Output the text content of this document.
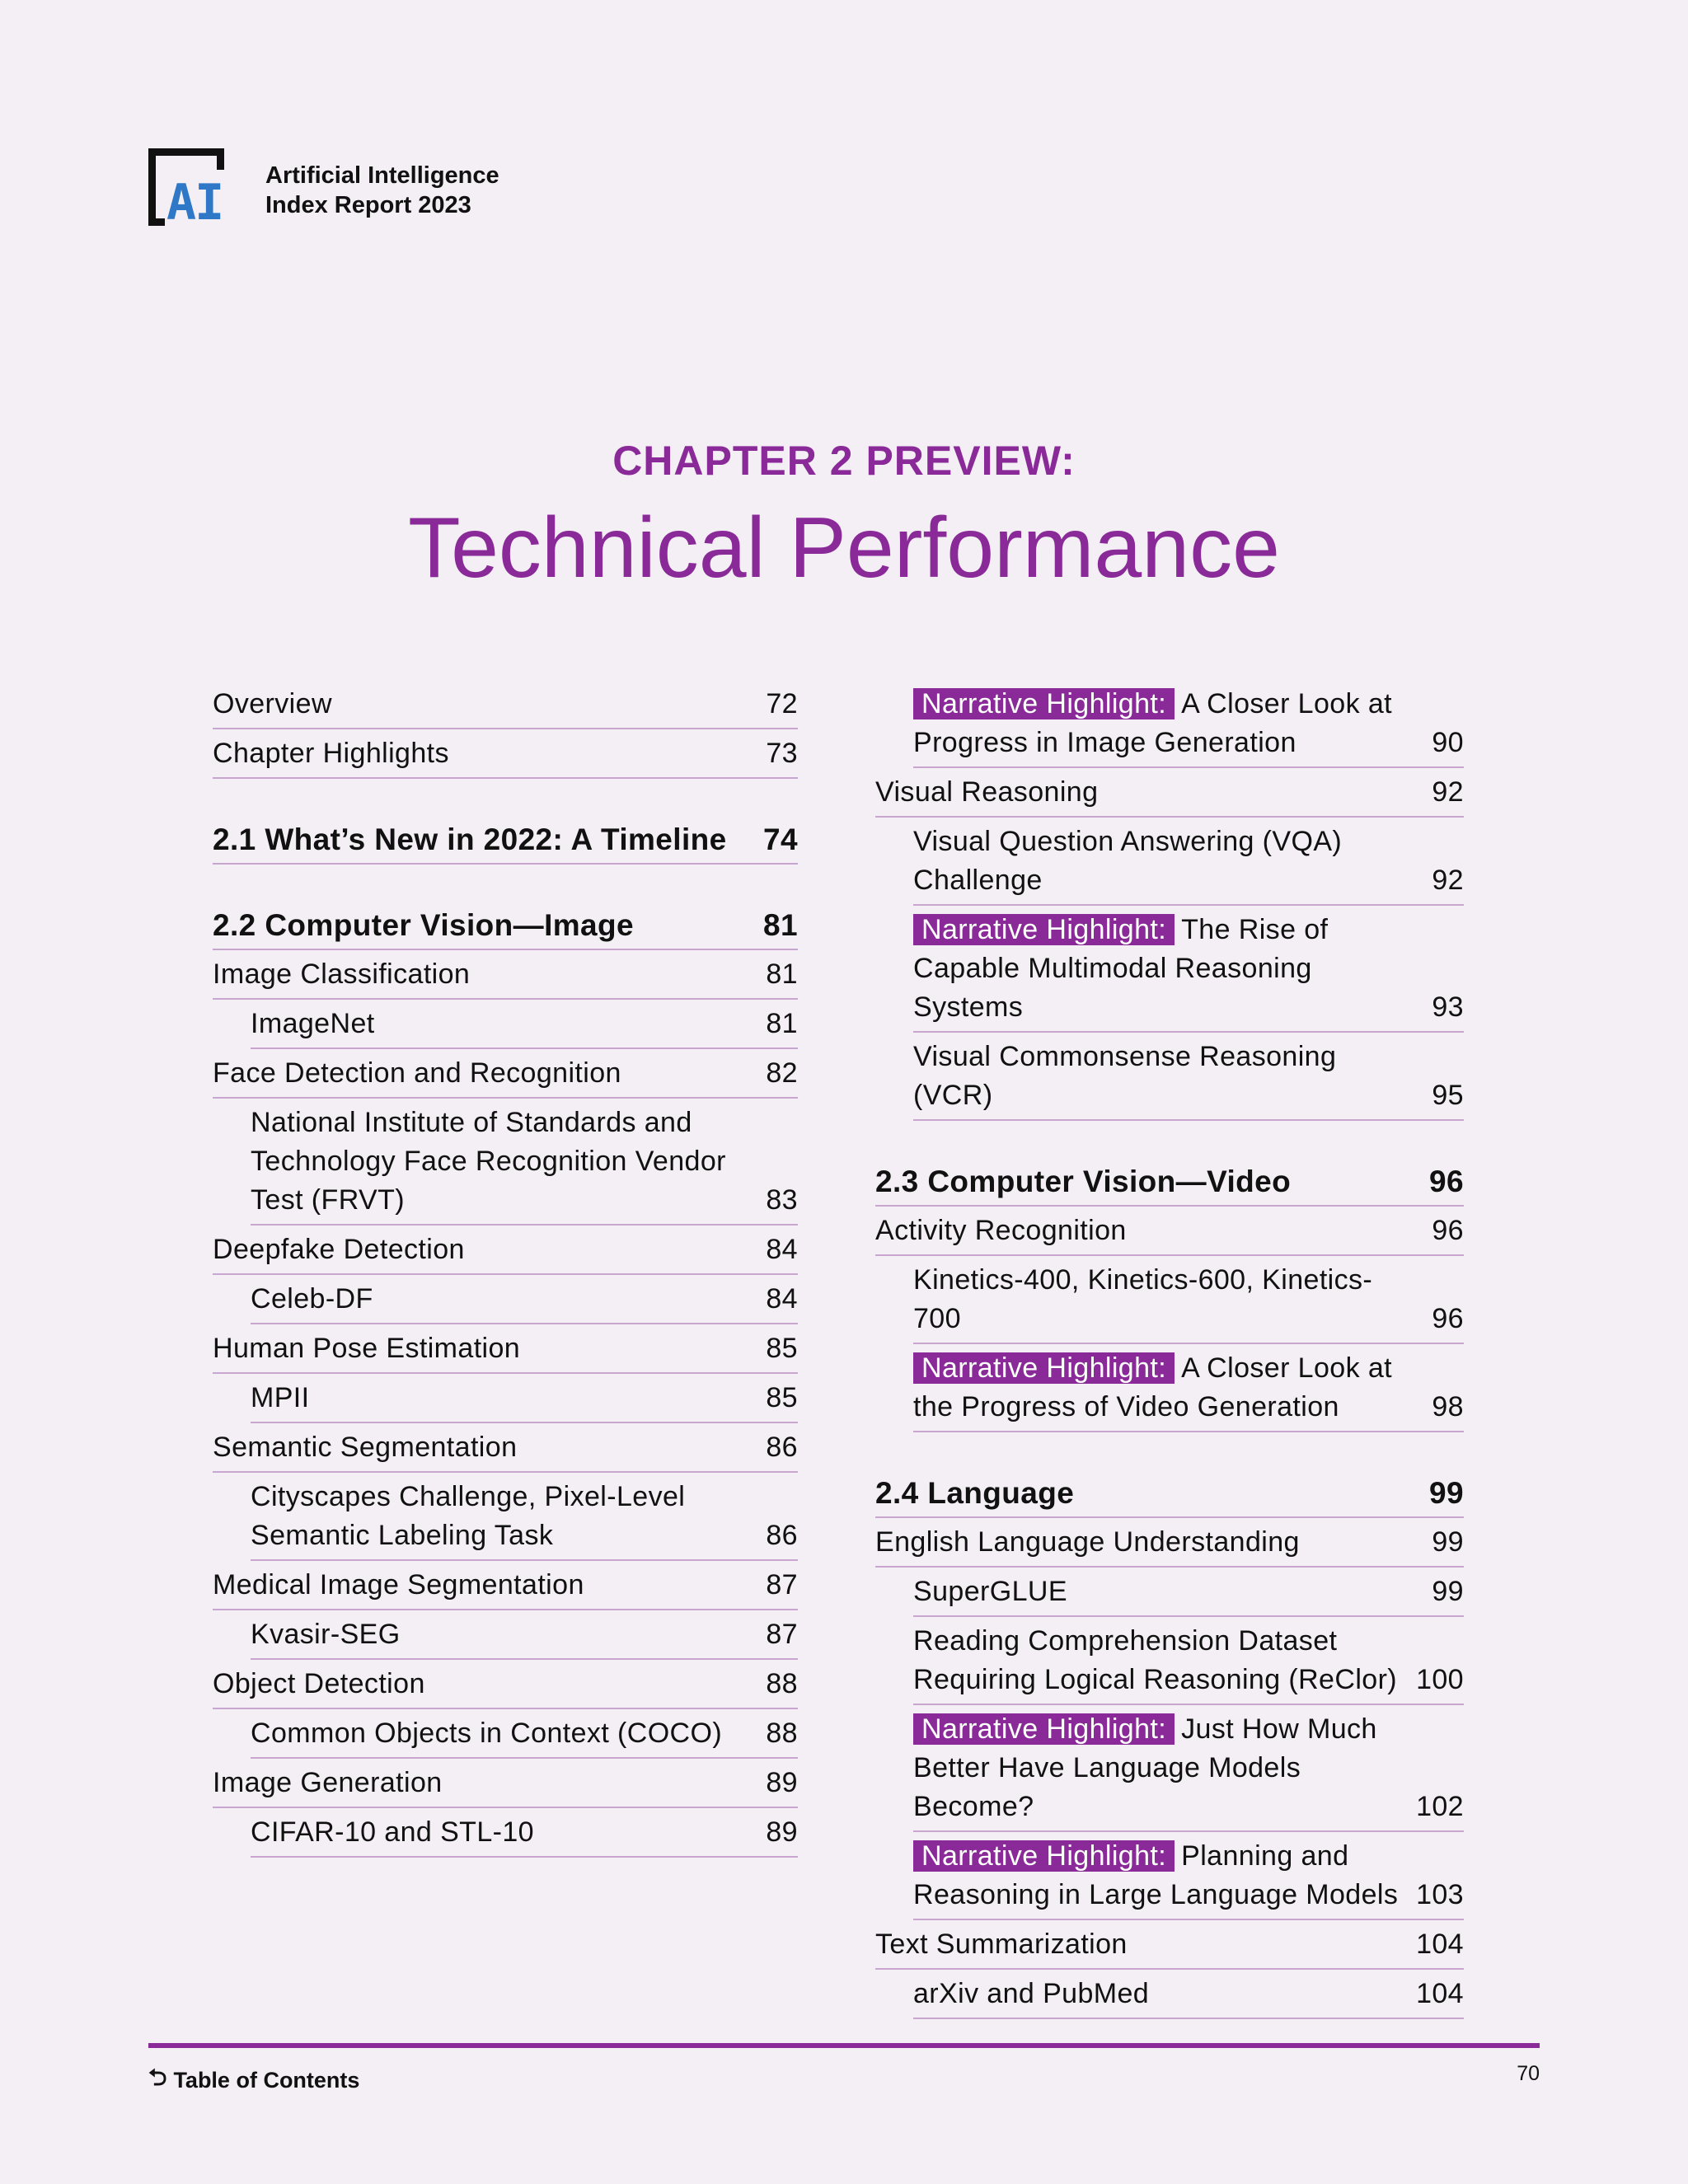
AI Artificial Intelligence
Index Report 2023
CHAPTER 2 PREVIEW:
Technical Performance
Overview	72
Chapter Highlights	73
2.1 What’s New in 2022: A Timeline	74
2.2 Computer Vision—Image	81
Image Classification	81
ImageNet	81
Face Detection and Recognition	82
National Institute of Standards and Technology Face Recognition Vendor Test (FRVT)	83
Deepfake Detection	84
Celeb-DF	84
Human Pose Estimation	85
MPII	85
Semantic Segmentation	86
Cityscapes Challenge, Pixel-Level Semantic Labeling Task	86
Medical Image Segmentation	87
Kvasir-SEG	87
Object Detection	88
Common Objects in Context (COCO)	88
Image Generation	89
CIFAR-10 and STL-10	89
Narrative Highlight: A Closer Look at Progress in Image Generation	90
Visual Reasoning	92
Visual Question Answering (VQA) Challenge	92
Narrative Highlight: The Rise of Capable Multimodal Reasoning Systems	93
Visual Commonsense Reasoning (VCR)	95
2.3 Computer Vision—Video	96
Activity Recognition	96
Kinetics-400, Kinetics-600, Kinetics-700	96
Narrative Highlight: A Closer Look at the Progress of Video Generation	98
2.4 Language	99
English Language Understanding	99
SuperGLUE	99
Reading Comprehension Dataset Requiring Logical Reasoning (ReClor) 100
Narrative Highlight: Just How Much Better Have Language Models Become?	102
Narrative Highlight: Planning and Reasoning in Large Language Models 103
Text Summarization	104
arXiv and PubMed	104
⮌ Table of Contents	70
